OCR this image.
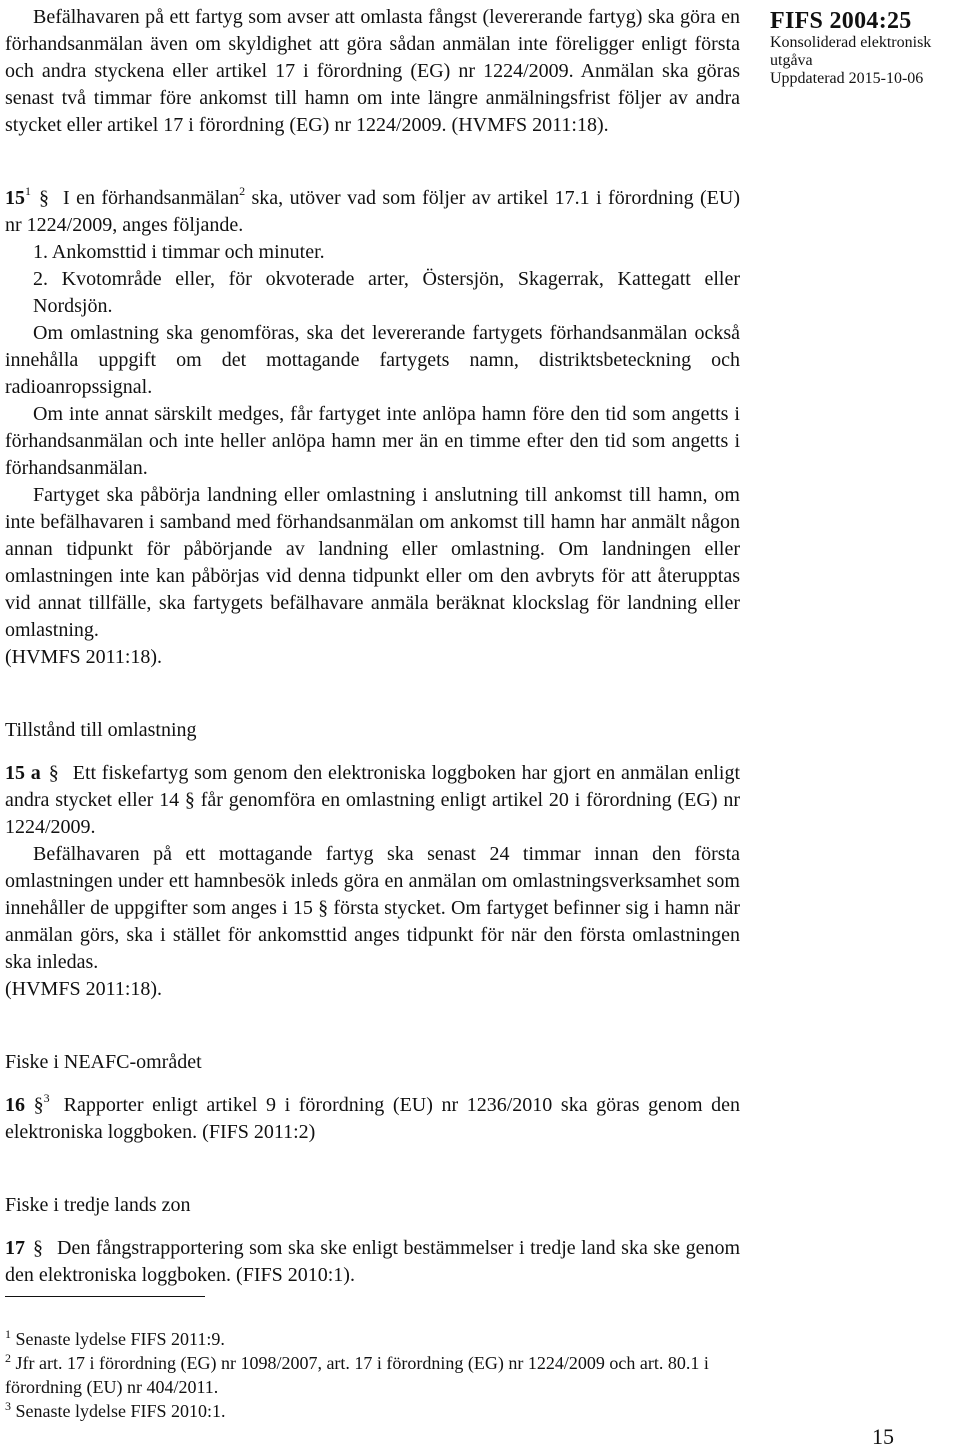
FIFS 2004:25
Konsoliderad elektronisk
utgåva
Uppdaterad 2015-10-06

Befälhavaren på ett fartyg som avser att omlasta fångst (levererande fartyg) ska göra en förhandsanmälan även om skyldighet att göra sådan anmälan inte föreligger enligt första och andra styckena eller artikel 17 i förordning (EG) nr 1224/2009. Anmälan ska göras senast två timmar före ankomst till hamn om inte längre anmälningsfrist följer av andra stycket eller artikel 17 i förordning (EG) nr 1224/2009. (HVMFS 2011:18).

$15^1$ § I en förhandsanmälan$^2$ ska, utöver vad som följer av artikel 17.1 i förordning (EU) nr 1224/2009, anges följande.

1. Ankomsttid i timmar och minuter.

2. Kvotområde eller, för okvoterade arter, Östersjön, Skagerrak, Kattegatt eller Nordsjön.

Om omlastning ska genomföras, ska det levererande fartygets förhandsanmälan också innehålla uppgift om det mottagande fartygets namn, distriktsbeteckning och radioanropssignal.

Om inte annat särskilt medges, får fartyget inte anlöpa hamn före den tid som angetts i förhandsanmälan och inte heller anlöpa hamn mer än en timme efter den tid som angetts i förhandsanmälan.

Fartyget ska påbörja landning eller omlastning i anslutning till ankomst till hamn, om inte befälhavaren i samband med förhandsanmälan om ankomst till hamn har anmält någon annan tidpunkt för påbörjande av landning eller omlastning. Om landningen eller omlastningen inte kan påbörjas vid denna tidpunkt eller om den avbryts för att återupptas vid annat tillfälle, ska fartygets befälhavare anmäla beräknat klockslag för landning eller omlastning.

(HVMFS 2011:18).

Tillstånd till omlastning

15 a § Ett fiskefartyg som genom den elektroniska loggboken har gjort en anmälan enligt andra stycket eller 14 § får genomföra en omlastning enligt artikel 20 i förordning (EG) nr 1224/2009.

Befälhavaren på ett mottagande fartyg ska senast 24 timmar innan den första omlastningen under ett hamnbesök inleds göra en anmälan om omlastningsverksamhet som innehåller de uppgifter som anges i 15 § första stycket. Om fartyget befinner sig i hamn när anmälan görs, ska i stället för ankomsttid anges tidpunkt för när den första omlastningen ska inledas.

(HVMFS 2011:18).

Fiske i NEAFC-området

16 §$^3$ Rapporter enligt artikel 9 i förordning (EU) nr 1236/2010 ska göras genom den elektroniska loggboken. (FIFS 2011:2)

Fiske i tredje lands zon

17 § Den fångstrapportering som ska ske enligt bestämmelser i tredje land ska ske genom den elektroniska loggboken. (FIFS 2010:1).

$^1$ Senaste lydelse FIFS 2011:9.
$^2$ Jfr art. 17 i förordning (EG) nr 1098/2007, art. 17 i förordning (EG) nr 1224/2009 och art. 80.1 i förordning (EU) nr 404/2011.
$^3$ Senaste lydelse FIFS 2010:1.
15
